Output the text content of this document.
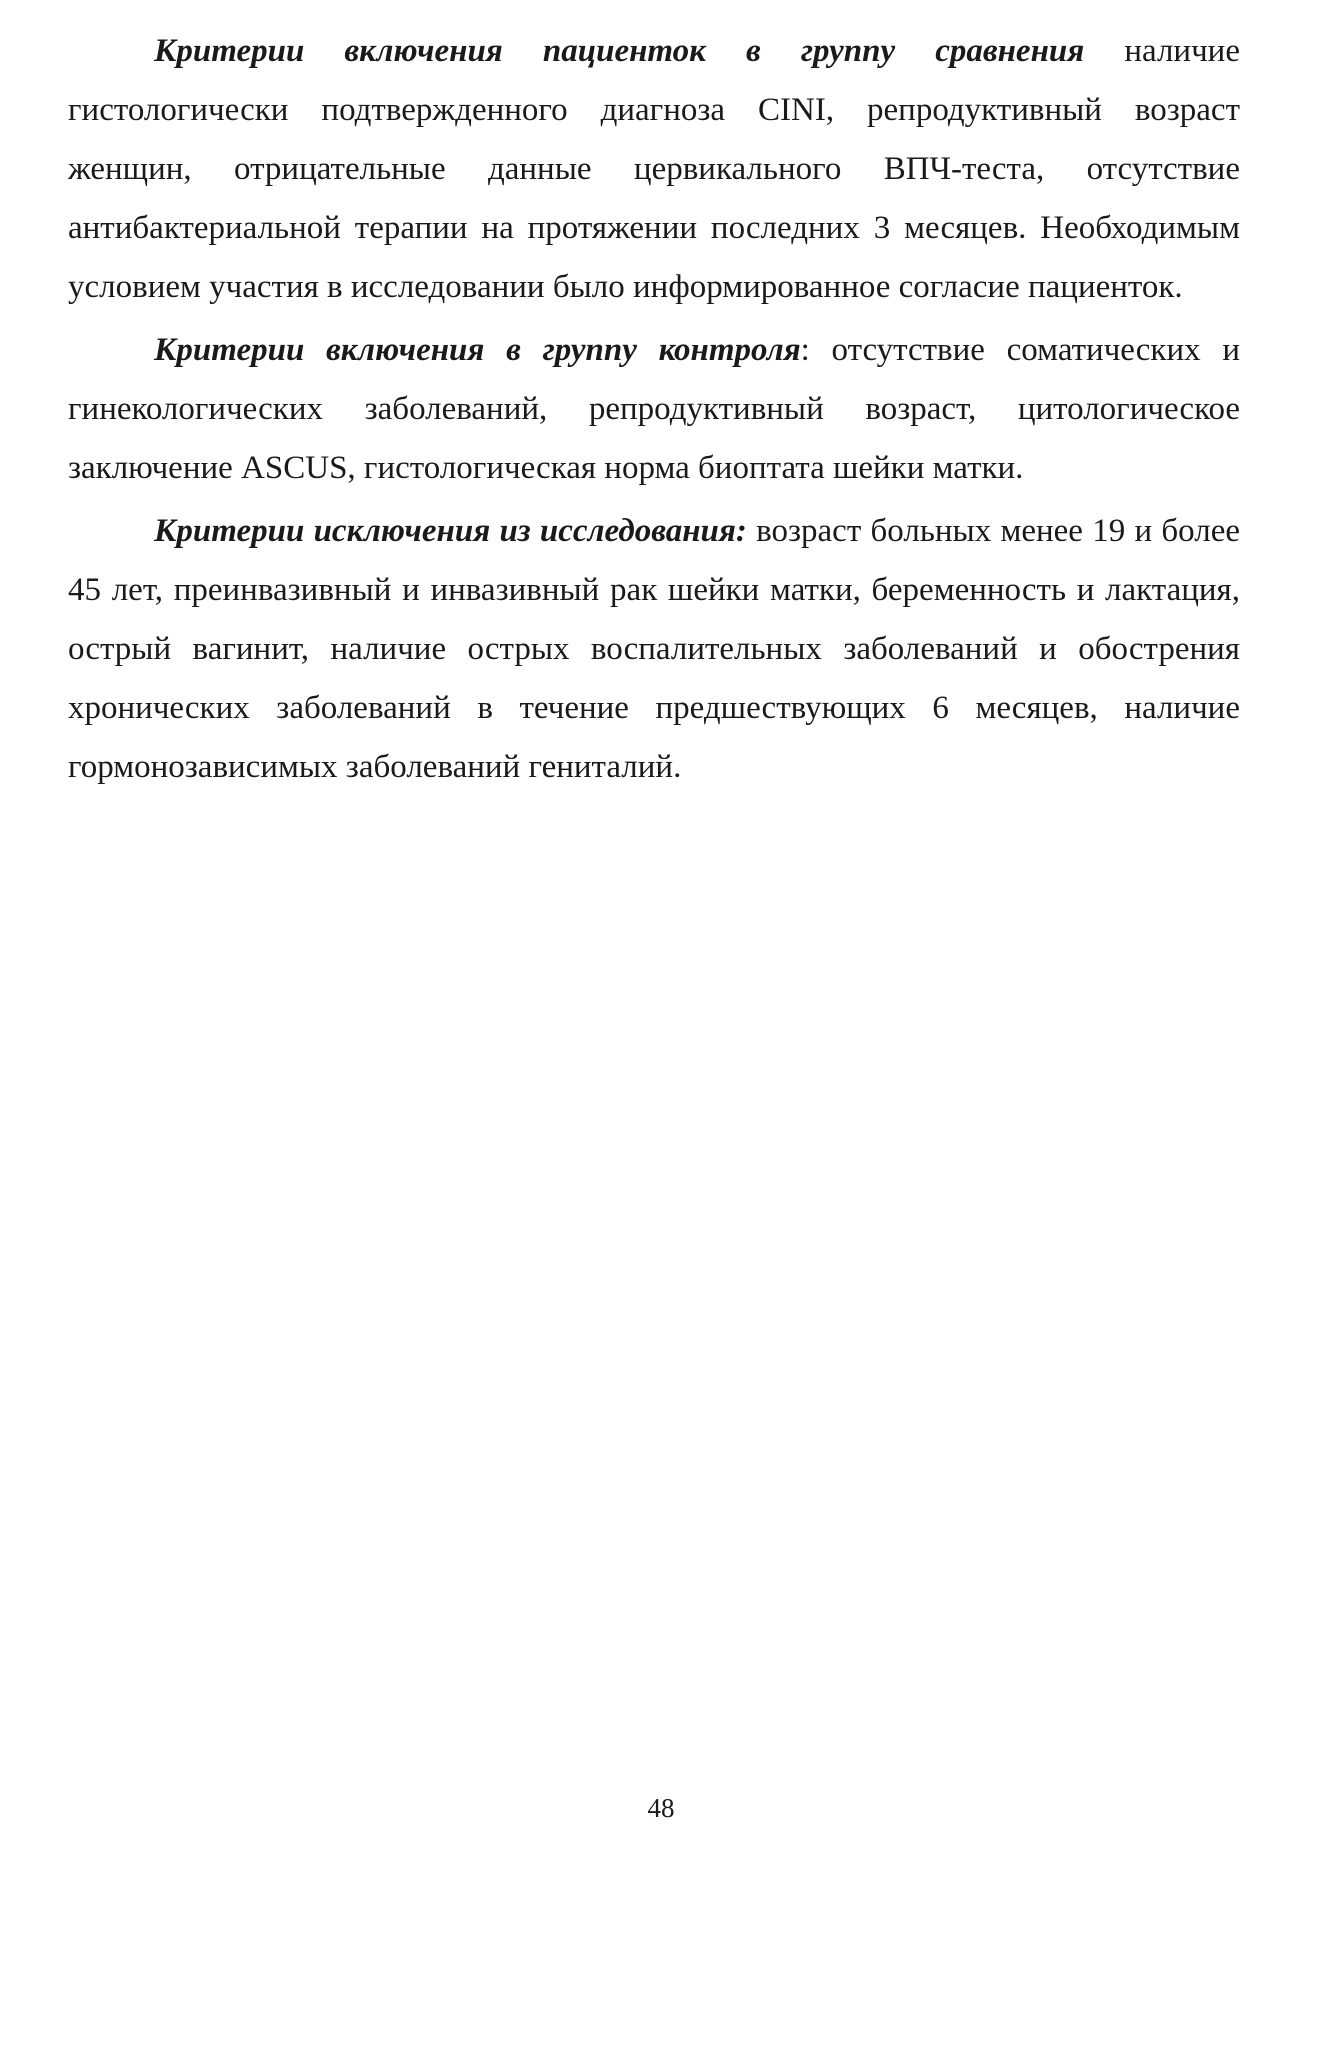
Критерии включения пациенток в группу сравнения наличие гистологически подтвержденного диагноза CINI, репродуктивный возраст женщин, отрицательные данные цервикального ВПЧ-теста, отсутствие антибактериальной терапии на протяжении последних 3 месяцев. Необходимым условием участия в исследовании было информированное согласие пациенток.

Критерии включения в группу контроля: отсутствие соматических и гинекологических заболеваний, репродуктивный возраст, цитологическое заключение ASCUS, гистологическая норма биоптата шейки матки.

Критерии исключения из исследования: возраст больных менее 19 и более 45 лет, преинвазивный и инвазивный рак шейки матки, беременность и лактация, острый вагинит, наличие острых воспалительных заболеваний и обострения хронических заболеваний в течение предшествующих 6 месяцев, наличие гормонозависимых заболеваний гениталий.

48
